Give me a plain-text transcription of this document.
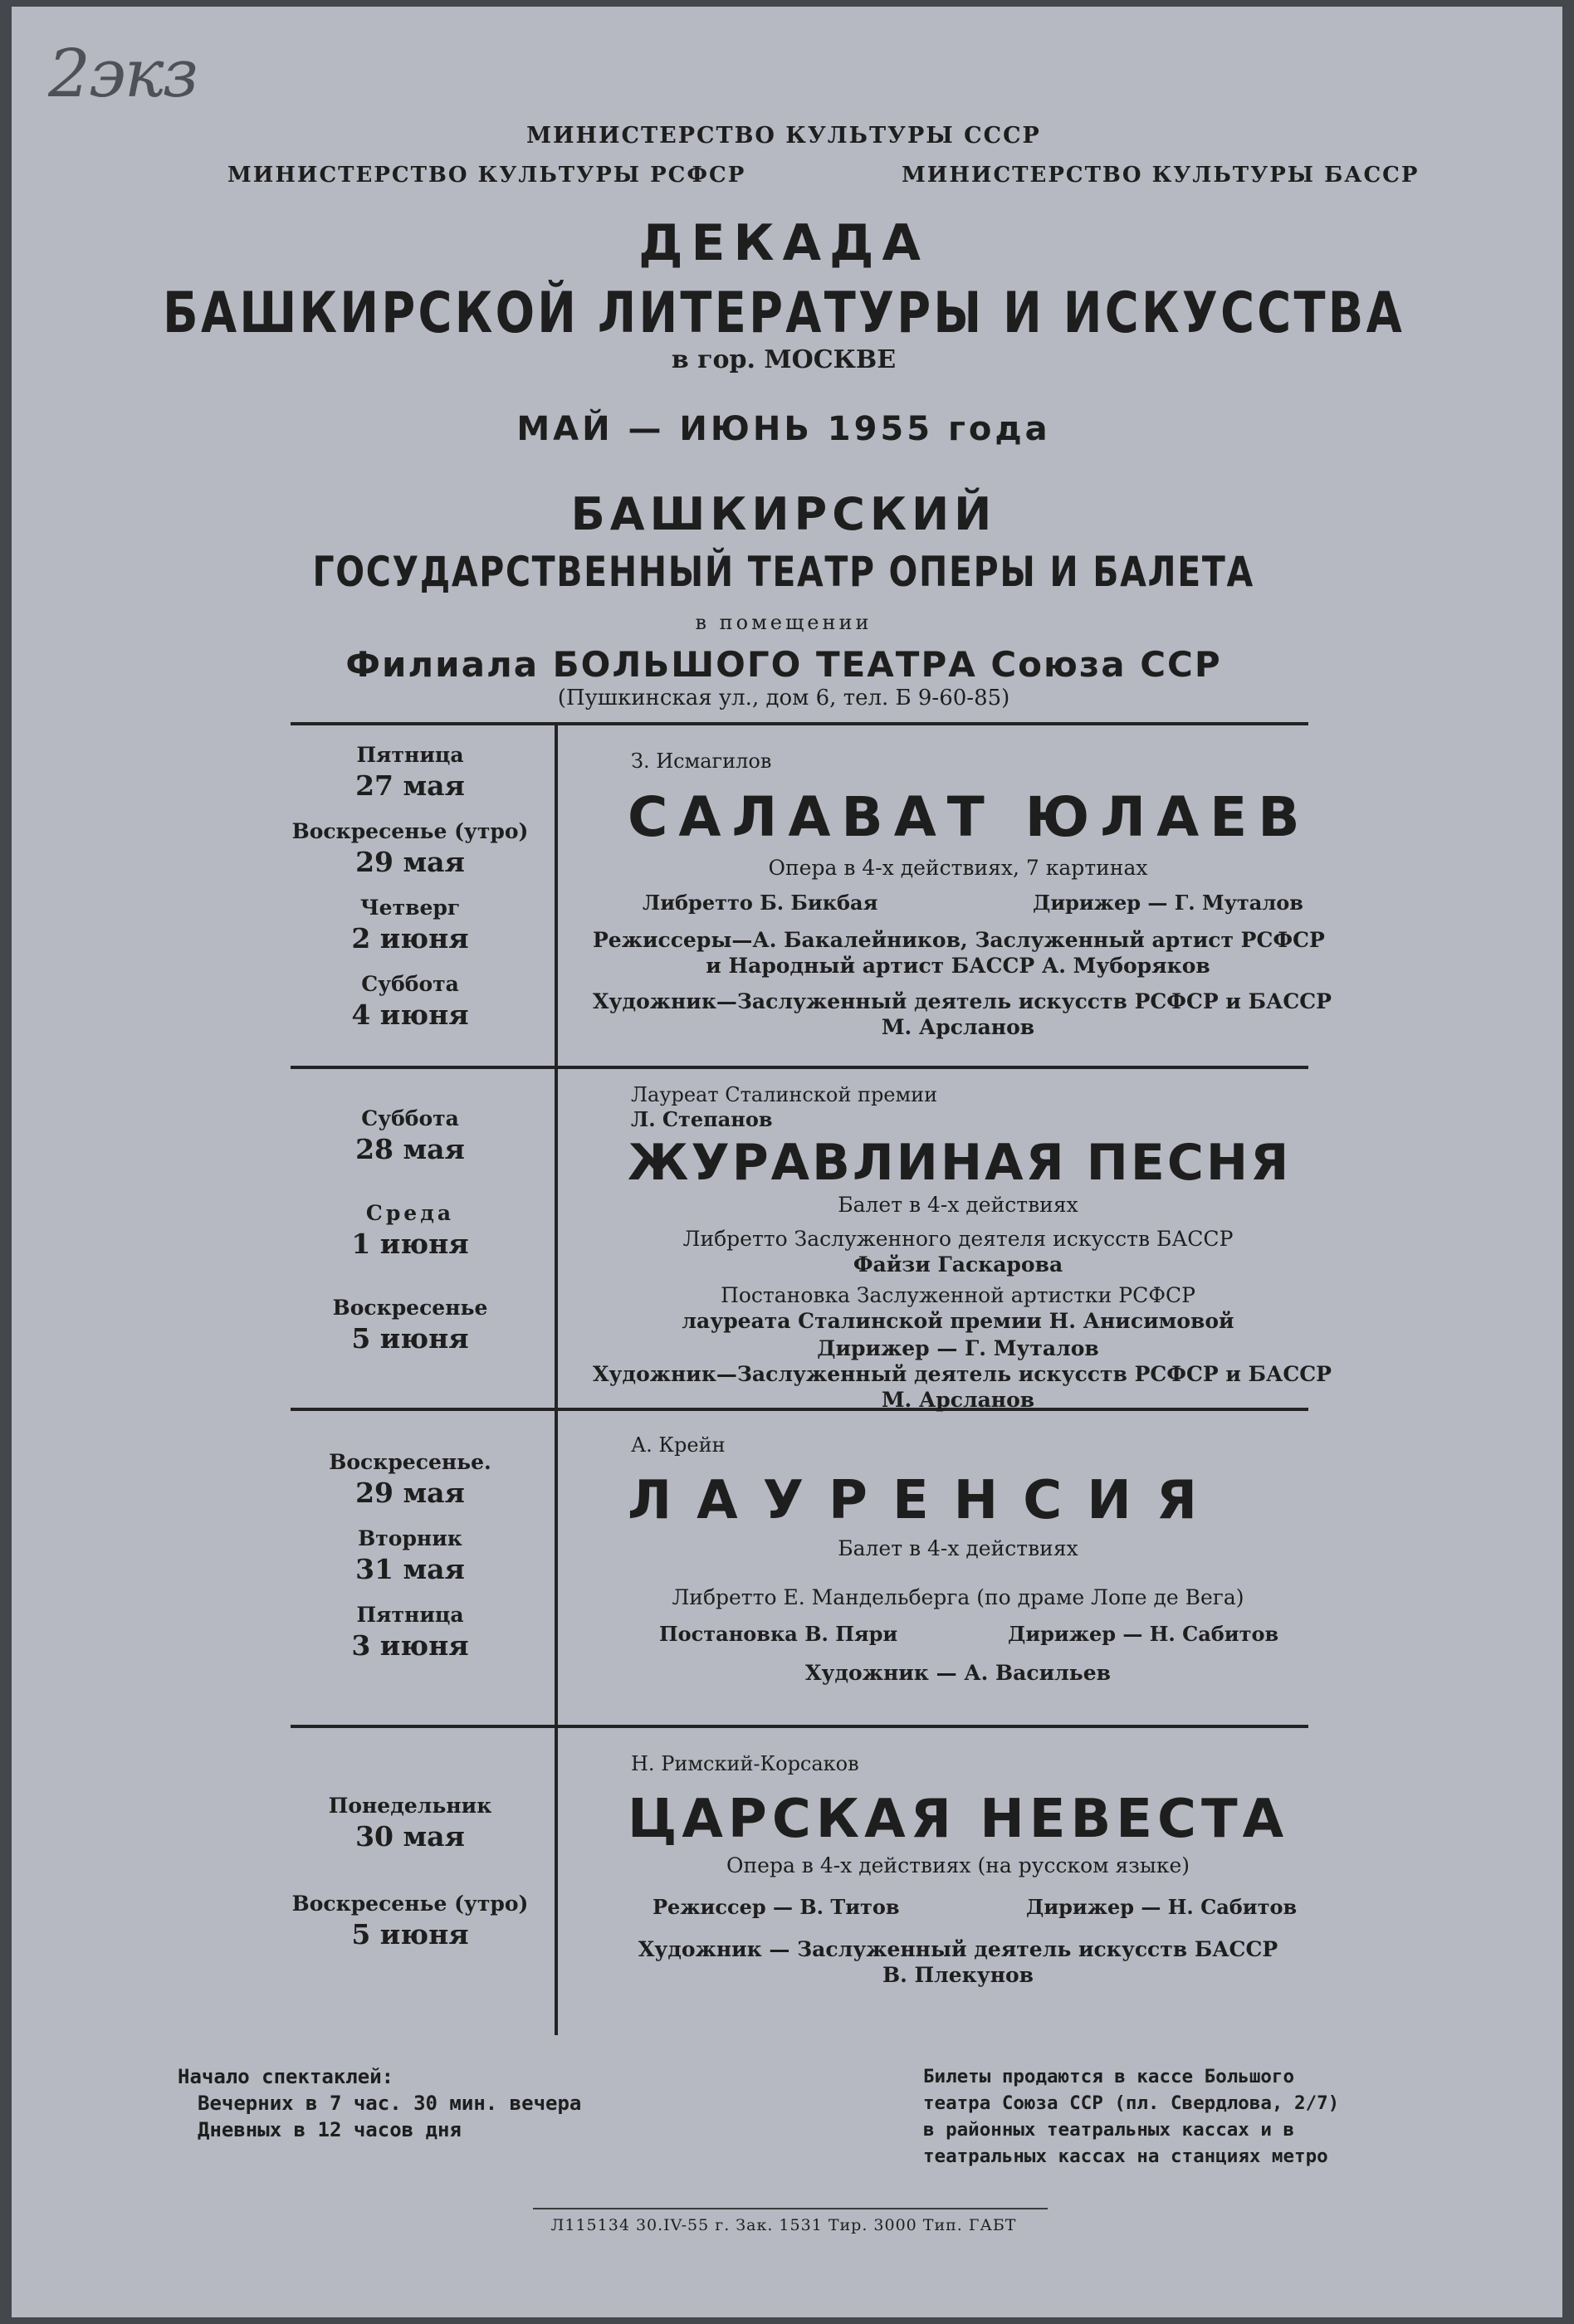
2экз
МИНИСТЕРСТВО КУЛЬТУРЫ СССР
МИНИСТЕРСТВО КУЛЬТУРЫ РСФСР	МИНИСТЕРСТВО КУЛЬТУРЫ БАССР
ДЕКАДА
БАШКИРСКОЙ ЛИТЕРАТУРЫ И ИСКУССТВА
в гор. МОСКВЕ
МАЙ — ИЮНЬ 1955 года
БАШКИРСКИЙ
ГОСУДАРСТВЕННЫЙ ТЕАТР ОПЕРЫ И БАЛЕТА
в помещении
Филиала БОЛЬШОГО ТЕАТРА Союза ССР
(Пушкинская ул., дом 6, тел. Б 9-60-85)
Пятница
27 мая
Воскресенье (утро)
29 мая
Четверг
2 июня
Суббота
4 июня
З. Исмагилов
САЛАВАТ ЮЛАЕВ
Опера в 4-х действиях, 7 картинах
Либретто Б. Бикбая	Дирижер — Г. Муталов
Режиссеры—А. Бакалейников, Заслуженный артист РСФСР
и Народный артист БАССР А. Муборяков
Художник—Заслуженный деятель искусств РСФСР и БАССР
М. Арсланов
Суббота
28 мая
Среда
1 июня
Воскресенье
5 июня
Лауреат Сталинской премии
Л. Степанов
ЖУРАВЛИНАЯ ПЕСНЯ
Балет в 4-х действиях
Либретто Заслуженного деятеля искусств БАССР
Файзи Гаскарова
Постановка Заслуженной артистки РСФСР
лауреата Сталинской премии Н. Анисимовой
Дирижер — Г. Муталов
Художник—Заслуженный деятель искусств РСФСР и БАССР
М. Арсланов
Воскресенье.
29 мая
Вторник
31 мая
Пятница
3 июня
А. Крейн
ЛАУРЕНСИЯ
Балет в 4-х действиях
Либретто Е. Мандельберга (по драме Лопе де Вега)
Постановка В. Пяри	Дирижер — Н. Сабитов
Художник — А. Васильев
Понедельник
30 мая
Воскресенье (утро)
5 июня
Н. Римский-Корсаков
ЦАРСКАЯ НЕВЕСТА
Опера в 4-х действиях (на русском языке)
Режиссер — В. Титов	Дирижер — Н. Сабитов
Художник — Заслуженный деятель искусств БАССР
В. Плекунов
Начало спектаклей:
Вечерних в 7 час. 30 мин. вечера
Дневных в 12 часов дня
Билеты продаются в кассе Большого
театра Союза ССР (пл. Свердлова, 2/7)
в районных театральных кассах и в
театральных кассах на станциях метро
Л115134 30.IV-55 г. Зак. 1531 Тир. 3000 Тип. ГАБТ
